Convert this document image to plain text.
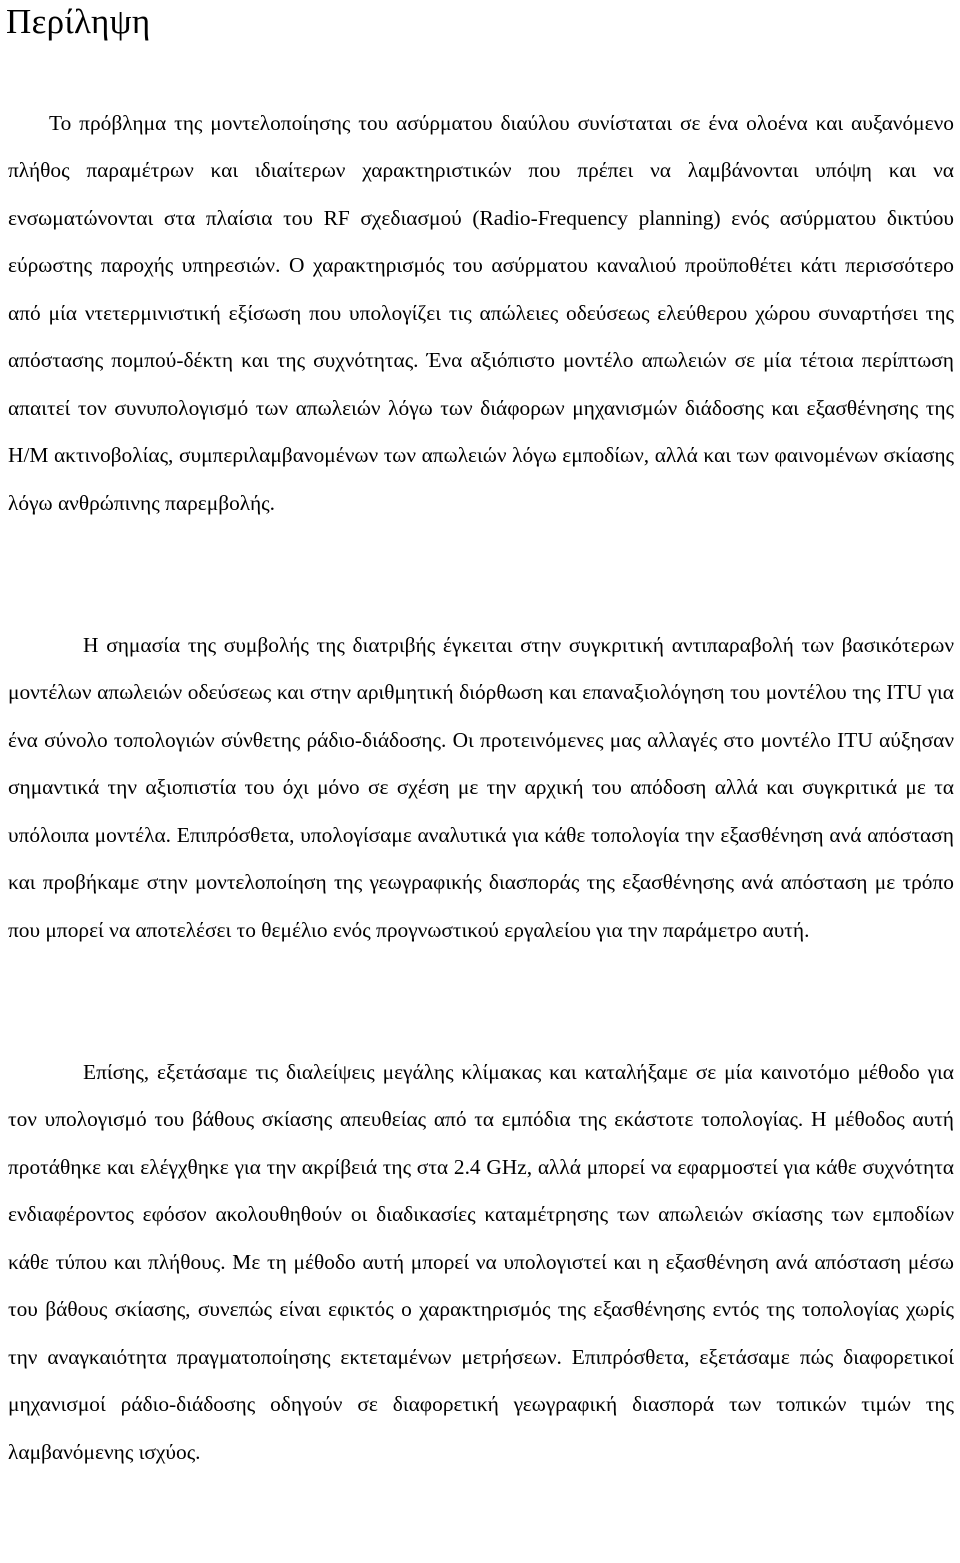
Περίληψη

Το πρόβλημα της μοντελοποίησης του ασύρματου διαύλου συνίσταται σε ένα ολοένα και αυξανόμενο πλήθος παραμέτρων και ιδιαίτερων χαρακτηριστικών που πρέπει να λαμβάνονται υπόψη και να ενσωματώνονται στα πλαίσια του RF σχεδιασμού (Radio-Frequency planning) ενός ασύρματου δικτύου εύρωστης παροχής υπηρεσιών. Ο χαρακτηρισμός του ασύρματου καναλιού προϋποθέτει κάτι περισσότερο από μία ντετερμινιστική εξίσωση που υπολογίζει τις απώλειες οδεύσεως ελεύθερου χώρου συναρτήσει της απόστασης πομπού-δέκτη και της συχνότητας. Ένα αξιόπιστο μοντέλο απωλειών σε μία τέτοια περίπτωση απαιτεί τον συνυπολογισμό των απωλειών λόγω των διάφορων μηχανισμών διάδοσης και εξασθένησης της Η/Μ ακτινοβολίας, συμπεριλαμβανομένων των απωλειών λόγω εμποδίων, αλλά και των φαινομένων σκίασης λόγω ανθρώπινης παρεμβολής.

Η σημασία της συμβολής της διατριβής έγκειται στην συγκριτική αντιπαραβολή των βασικότερων μοντέλων απωλειών οδεύσεως και στην αριθμητική διόρθωση και επαναξιολόγηση του μοντέλου της ITU για ένα σύνολο τοπολογιών σύνθετης ράδιο-διάδοσης. Οι προτεινόμενες μας αλλαγές στο μοντέλο ITU αύξησαν σημαντικά την αξιοπιστία του όχι μόνο σε σχέση με την αρχική του απόδοση αλλά και συγκριτικά με τα υπόλοιπα μοντέλα. Επιπρόσθετα, υπολογίσαμε αναλυτικά για κάθε τοπολογία την εξασθένηση ανά απόσταση και προβήκαμε στην μοντελοποίηση της γεωγραφικής διασποράς της εξασθένησης ανά απόσταση με τρόπο που μπορεί να αποτελέσει το θεμέλιο ενός προγνωστικού εργαλείου για την παράμετρο αυτή.

Επίσης, εξετάσαμε τις διαλείψεις μεγάλης κλίμακας και καταλήξαμε σε μία καινοτόμο μέθοδο για τον υπολογισμό του βάθους σκίασης απευθείας από τα εμπόδια της εκάστοτε τοπολογίας. Η μέθοδος αυτή προτάθηκε και ελέγχθηκε για την ακρίβειά της στα 2.4 GHz, αλλά μπορεί να εφαρμοστεί για κάθε συχνότητα ενδιαφέροντος εφόσον ακολουθηθούν οι διαδικασίες καταμέτρησης των απωλειών σκίασης των εμποδίων κάθε τύπου και πλήθους. Με τη μέθοδο αυτή μπορεί να υπολογιστεί και η εξασθένηση ανά απόσταση μέσω του βάθους σκίασης, συνεπώς είναι εφικτός ο χαρακτηρισμός της εξασθένησης εντός της τοπολογίας χωρίς την αναγκαιότητα πραγματοποίησης εκτεταμένων μετρήσεων. Επιπρόσθετα, εξετάσαμε πώς διαφορετικοί μηχανισμοί ράδιο-διάδοσης οδηγούν σε διαφορετική γεωγραφική διασπορά των τοπικών τιμών της λαμβανόμενης ισχύος.
